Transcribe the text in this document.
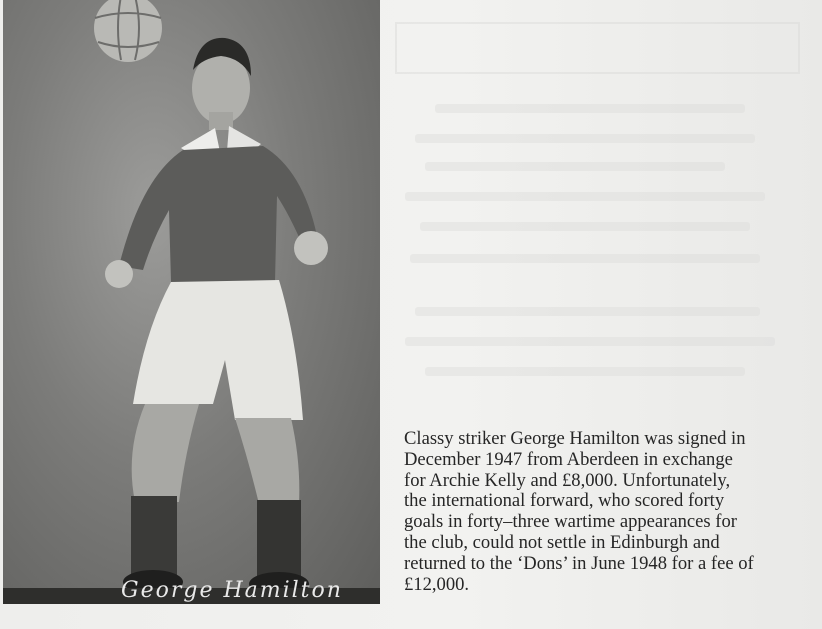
George Hamilton

Classy striker George Hamilton was signed in
December 1947 from Aberdeen in exchange
for Archie Kelly and £8,000. Unfortunately,
the international forward, who scored forty
goals in forty–three wartime appearances for
the club, could not settle in Edinburgh and
returned to the ‘Dons’ in June 1948 for a fee of
£12,000.
